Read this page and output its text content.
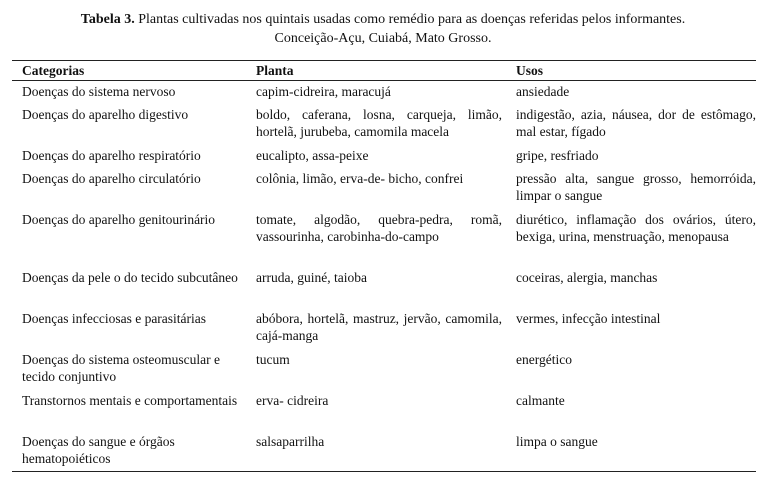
Tabela 3. Plantas cultivadas nos quintais usadas como remédio para as doenças referidas pelos informantes.
Conceição-Açu, Cuiabá, Mato Grosso.
Categorias	Planta	Usos
Doenças do sistema nervoso	capim-cidreira, maracujá	ansiedade
Doenças do aparelho digestivo	boldo, caferana, losna, carqueja, limão, hortelã, jurubeba, camomila macela	indigestão, azia, náusea, dor de estômago, mal estar, fígado
Doenças do aparelho respiratório	eucalipto, assa-peixe	gripe, resfriado
Doenças do aparelho circulatório	colônia, limão, erva-de- bicho, confrei	pressão alta, sangue grosso, hemorróida, limpar o sangue
Doenças do aparelho genitourinário	tomate, algodão, quebra-pedra, romã, vassourinha, carobinha-do-campo	diurético, inflamação dos ovários, útero, bexiga, urina, menstruação, menopausa
Doenças da pele o do tecido subcutâneo	arruda, guiné, taioba	coceiras, alergia, manchas
Doenças infecciosas e parasitárias	abóbora, hortelã, mastruz, jervão, camomila, cajá-manga	vermes, infecção intestinal
Doenças do sistema osteomuscular e tecido conjuntivo	tucum	energético
Transtornos mentais e comportamentais	erva- cidreira	calmante
Doenças do sangue e órgãos hematopoiéticos	salsaparrilha	limpa o sangue
